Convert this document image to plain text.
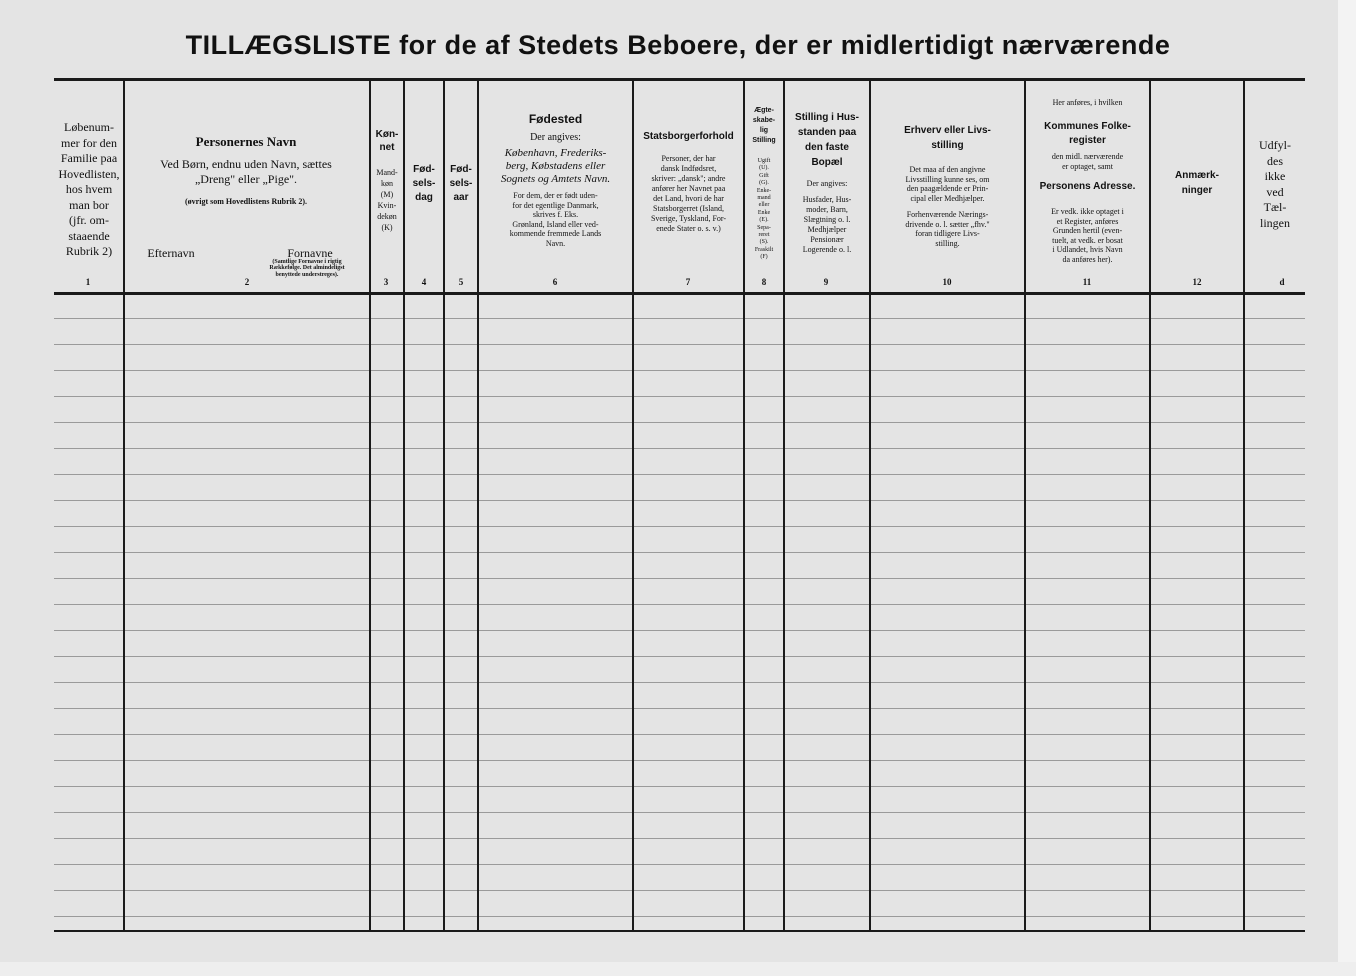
TILLÆGSLISTE for de af Stedets Beboere, der er midlertidigt nærværende
Løbenum-
mer for den
Familie paa
Hovedlisten,
hos hvem
man bor
(jfr. om-
staaende
Rubrik 2)
1
Personernes Navn
Ved Børn, endnu uden Navn, sættes
„Dreng" eller „Pige".
(øvrigt som Hovedlistens Rubrik 2).
Efternavn	Fornavne
(Samtlige Fornavne i rigtig
Rækkefølge. Det almindeligst
benyttede understreges).
2
Køn-
net
Mand-
køn
(M)
Kvin-
dekøn
(K)
3
Fød-
sels-
dag
4
Fød-
sels-
aar
5
Fødested
Der angives:
København, Frederiks-
berg, Købstadens eller
Sognets og Amtets Navn.
For dem, der er født uden-
for det egentlige Danmark,
skrives f. Eks.
Grønland, Island eller ved-
kommende fremmede Lands
Navn.
6
Statsborgerforhold
Personer, der har
dansk Indfødsret,
skriver: „dansk"; andre
anfører her Navnet paa
det Land, hvori de har
Statsborgerret (Island,
Sverige, Tyskland, For-
enede Stater o. s. v.)
7
Ægte-
skabe-
lig
Stilling
Ugift
(U).
Gift
(G).
Enke-
mand
eller
Enke
(E).
Sepa-
reret
(S).
Fraskilt
(F)
8
Stilling i Hus-
standen paa
den faste
Bopæl
Der angives:
Husfader, Hus-
moder, Barn,
Slægtning o. l.
Medhjælper
Pensionær
Logerende o. l.
9
Erhverv eller Livs-
stilling
Det maa af den angivne
Livsstilling kunne ses, om
den paagældende er Prin-
cipal eller Medhjælper.
Forhenværende Nærings-
drivende o. l. sætter „fhv."
foran tidligere Livs-
stilling.
10
Her anføres, i hvilken
Kommunes Folke-
register
den midl. nærværende
er optaget, samt
Personens Adresse.
Er vedk. ikke optaget i
et Register, anføres
Grunden hertil (even-
tuelt, at vedk. er bosat
i Udlandet, hvis Navn
da anføres her).
11
Anmærk-
ninger
12
Udfyl-
des
ikke
ved
Tæl-
lingen
d
